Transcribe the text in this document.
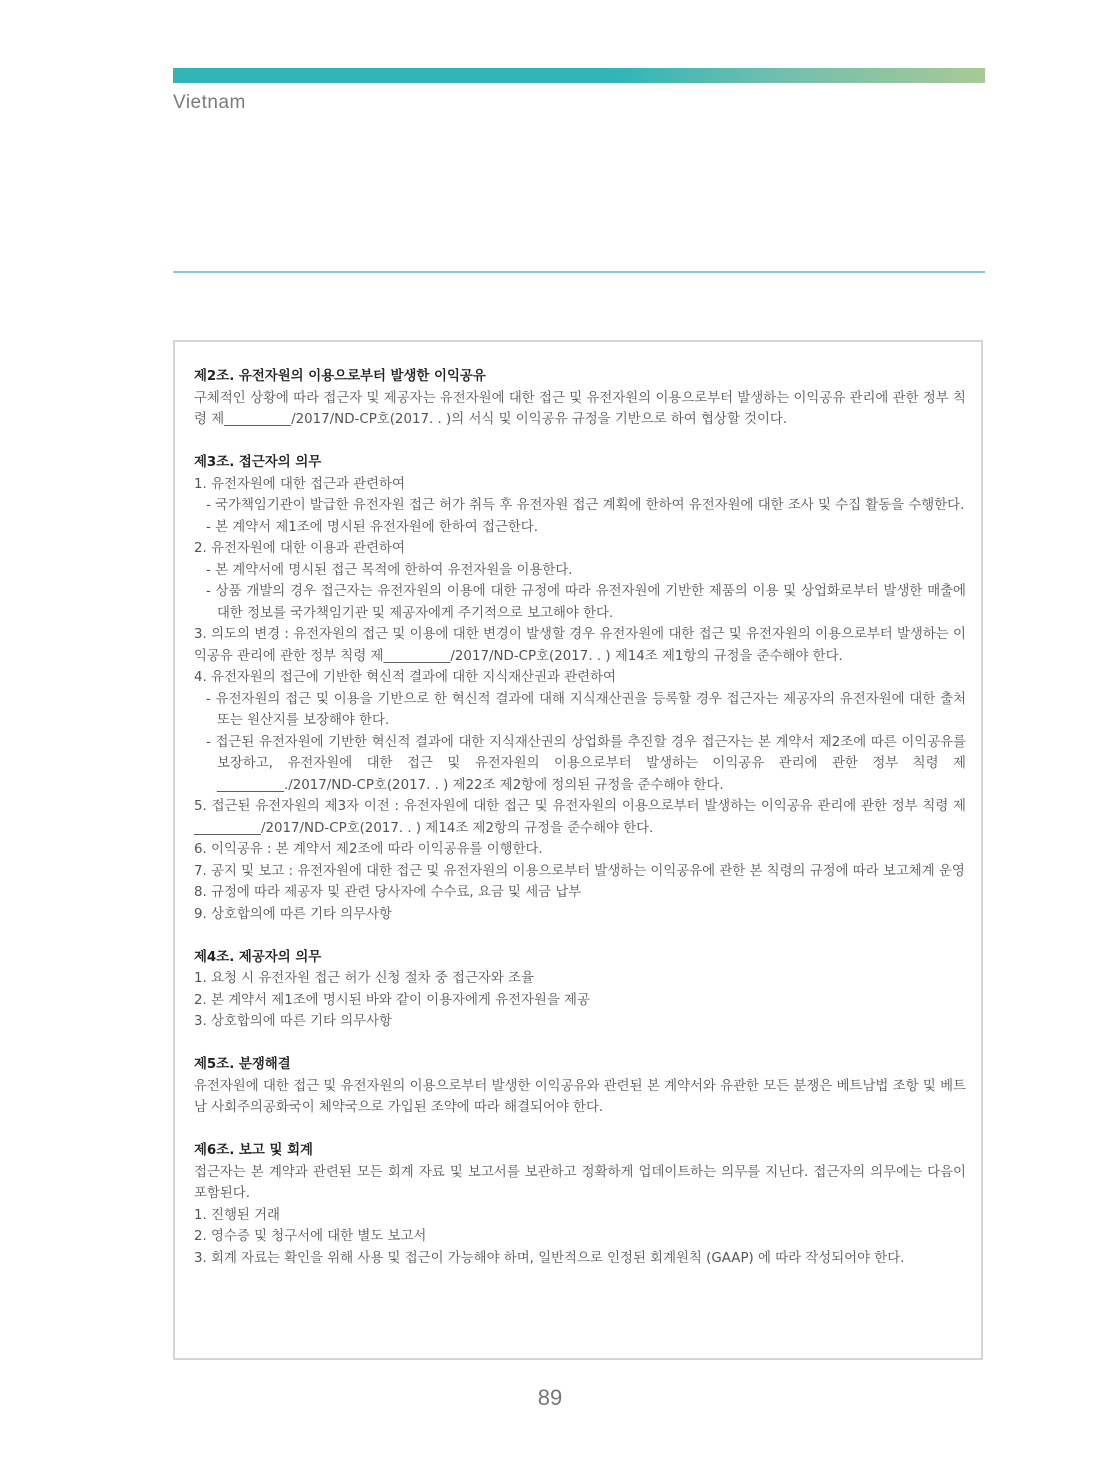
Vietnam
제2조. 유전자원의 이용으로부터 발생한 이익공유
구체적인 상황에 따라 접근자 및 제공자는 유전자원에 대한 접근 및 유전자원의 이용으로부터 발생하는 이익공유 관리에 관한 정부 칙령 제__________/2017/ND-CP호(2017. . )의 서식 및 이익공유 규정을 기반으로 하여 협상할 것이다.
제3조. 접근자의 의무
1. 유전자원에 대한 접근과 관련하여
- 국가책임기관이 발급한 유전자원 접근 허가 취득 후 유전자원 접근 계획에 한하여 유전자원에 대한 조사 및 수집 활동을 수행한다.
- 본 계약서 제1조에 명시된 유전자원에 한하여 접근한다.
2. 유전자원에 대한 이용과 관련하여
- 본 계약서에 명시된 접근 목적에 한하여 유전자원을 이용한다.
- 상품 개발의 경우 접근자는 유전자원의 이용에 대한 규정에 따라 유전자원에 기반한 제품의 이용 및 상업화로부터 발생한 매출에 대한 정보를 국가책임기관 및 제공자에게 주기적으로 보고해야 한다.
3. 의도의 변경 : 유전자원의 접근 및 이용에 대한 변경이 발생할 경우 유전자원에 대한 접근 및 유전자원의 이용으로부터 발생하는 이익공유 관리에 관한 정부 칙령 제__________/2017/ND-CP호(2017. . ) 제14조 제1항의 규정을 준수해야 한다.
4. 유전자원의 접근에 기반한 혁신적 결과에 대한 지식재산권과 관련하여
- 유전자원의 접근 및 이용을 기반으로 한 혁신적 결과에 대해 지식재산권을 등록할 경우 접근자는 제공자의 유전자원에 대한 출처 또는 원산지를 보장해야 한다.
- 접근된 유전자원에 기반한 혁신적 결과에 대한 지식재산권의 상업화를 추진할 경우 접근자는 본 계약서 제2조에 따른 이익공유를 보장하고, 유전자원에 대한 접근 및 유전자원의 이용으로부터 발생하는 이익공유 관리에 관한 정부 칙령 제__________./2017/ND-CP호(2017. . ) 제22조 제2항에 정의된 규정을 준수해야 한다.
5. 접근된 유전자원의 제3자 이전 : 유전자원에 대한 접근 및 유전자원의 이용으로부터 발생하는 이익공유 관리에 관한 정부 칙령 제__________/2017/ND-CP호(2017. . ) 제14조 제2항의 규정을 준수해야 한다.
6. 이익공유 : 본 계약서 제2조에 따라 이익공유를 이행한다.
7. 공지 및 보고 : 유전자원에 대한 접근 및 유전자원의 이용으로부터 발생하는 이익공유에 관한 본 칙령의 규정에 따라 보고체계 운영
8. 규정에 따라 제공자 및 관련 당사자에 수수료, 요금 및 세금 납부
9. 상호합의에 따른 기타 의무사항
제4조. 제공자의 의무
1. 요청 시 유전자원 접근 허가 신청 절차 중 접근자와 조율
2. 본 계약서 제1조에 명시된 바와 같이 이용자에게 유전자원을 제공
3. 상호합의에 따른 기타 의무사항
제5조. 분쟁해결
유전자원에 대한 접근 및 유전자원의 이용으로부터 발생한 이익공유와 관련된 본 계약서와 유관한 모든 분쟁은 베트남법 조항 및 베트남 사회주의공화국이 체약국으로 가입된 조약에 따라 해결되어야 한다.
제6조. 보고 및 회계
접근자는 본 계약과 관련된 모든 회계 자료 및 보고서를 보관하고 정확하게 업데이트하는 의무를 지닌다. 접근자의 의무에는 다음이 포함된다.
1. 진행된 거래
2. 영수증 및 청구서에 대한 별도 보고서
3. 회계 자료는 확인을 위해 사용 및 접근이 가능해야 하며, 일반적으로 인정된 회계원칙 (GAAP) 에 따라 작성되어야 한다.
89
